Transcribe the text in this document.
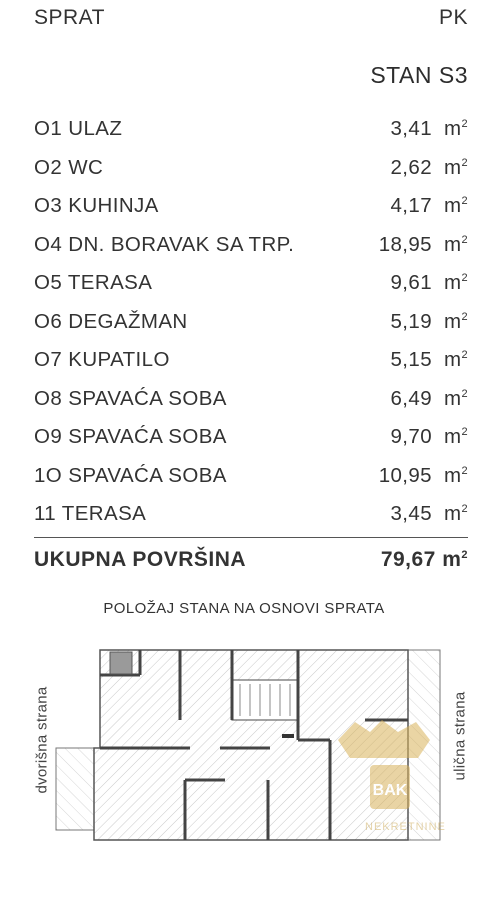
SPRAT	PK
STAN S3
O1 ULAZ	3,41 $m^2$
O2 WC	2,62 $m^2$
O3 KUHINJA	4,17 $m^2$
O4 DN. BORAVAK SA TRP.	18,95 $m^2$
O5 TERASA	9,61 $m^2$
O6 DEGAŽMAN	5,19 $m^2$
O7 KUPATILO	5,15 $m^2$
O8 SPAVAĆA SOBA	6,49 $m^2$
O9 SPAVAĆA SOBA	9,70 $m^2$
1O SPAVAĆA SOBA	10,95 $m^2$
11 TERASA	3,45 $m^2$
UKUPNA POVRŠINA	79,67 $m^2$
POLOŽAJ STANA NA OSNOVI SPRATA
dvorišna strana	ulična strana
BAK
NEKRETNINE
